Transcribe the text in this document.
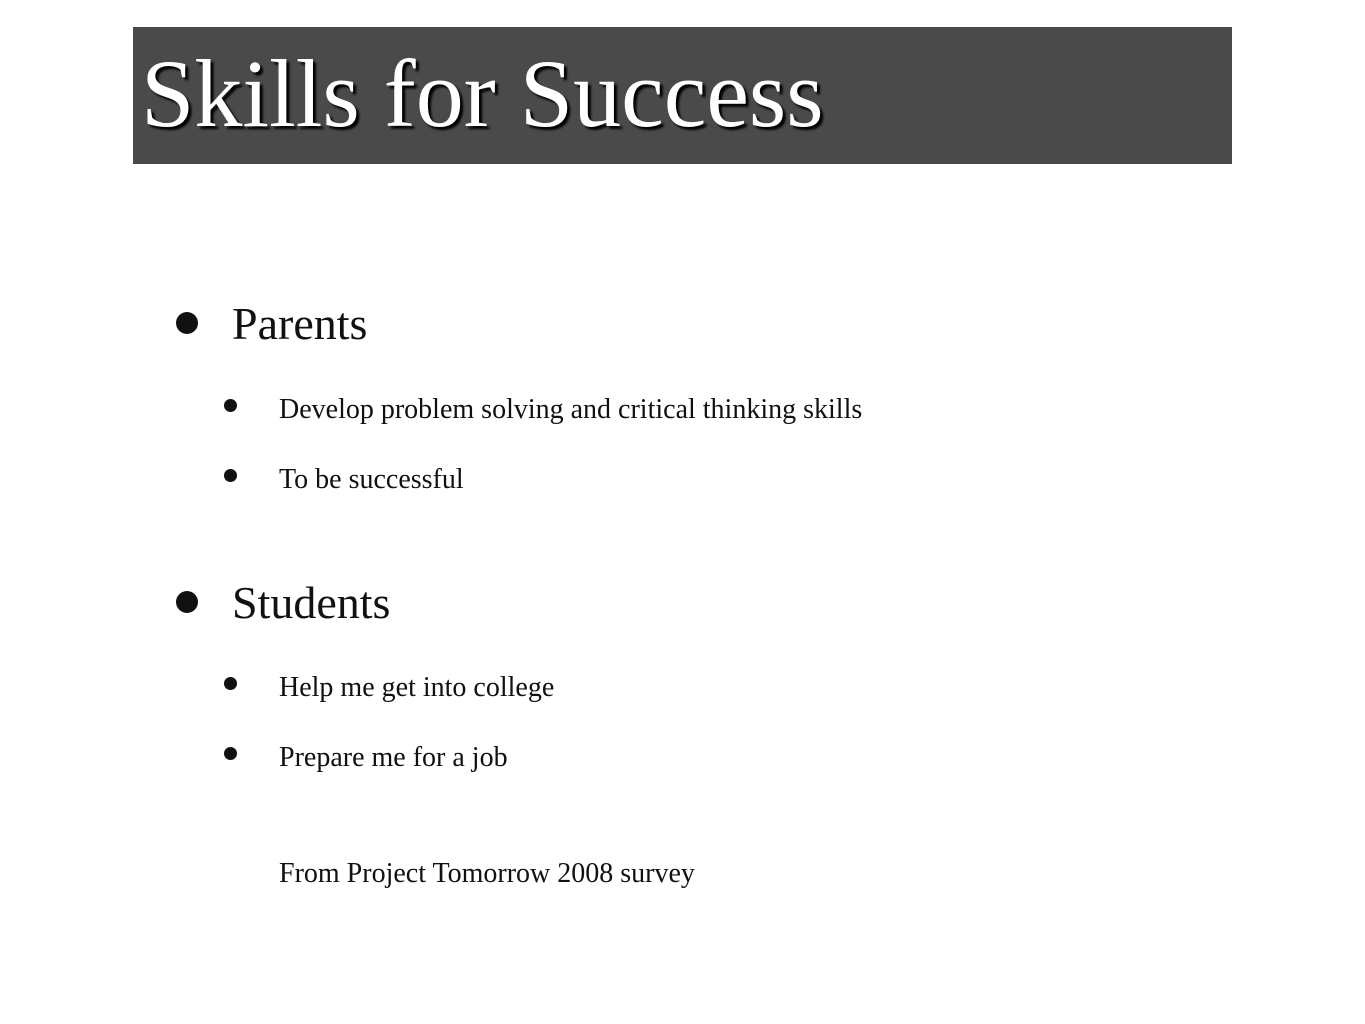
Skills for Success
Parents
Develop problem solving and critical thinking skills
To be successful
Students
Help me get into college
Prepare me for a job
From Project Tomorrow 2008 survey
